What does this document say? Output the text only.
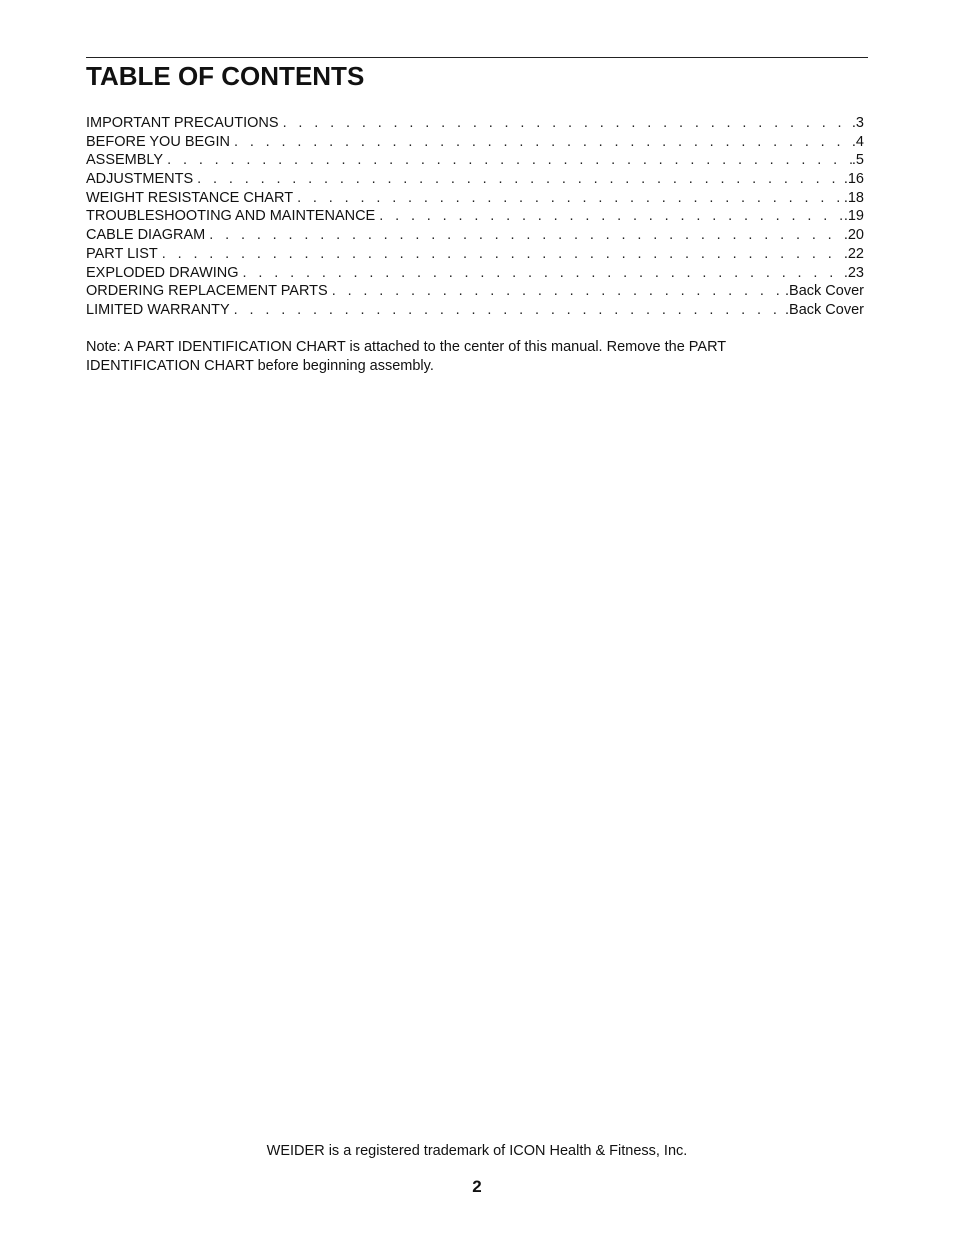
TABLE OF CONTENTS
IMPORTANT PRECAUTIONS . . .	.3
BEFORE YOU BEGIN . . .	.4
ASSEMBLY . . .	.5
ADJUSTMENTS . . .	.16
WEIGHT RESISTANCE CHART . . .	.18
TROUBLESHOOTING AND MAINTENANCE . . .	.19
CABLE DIAGRAM . . .	.20
PART LIST . . .	.22
EXPLODED DRAWING . . .	.23
ORDERING REPLACEMENT PARTS . . .	.Back Cover
LIMITED WARRANTY . . .	.Back Cover

Note: A PART IDENTIFICATION CHART is attached to the center of this manual. Remove the PART IDENTIFICATION CHART before beginning assembly.

WEIDER is a registered trademark of ICON Health & Fitness, Inc.

2
